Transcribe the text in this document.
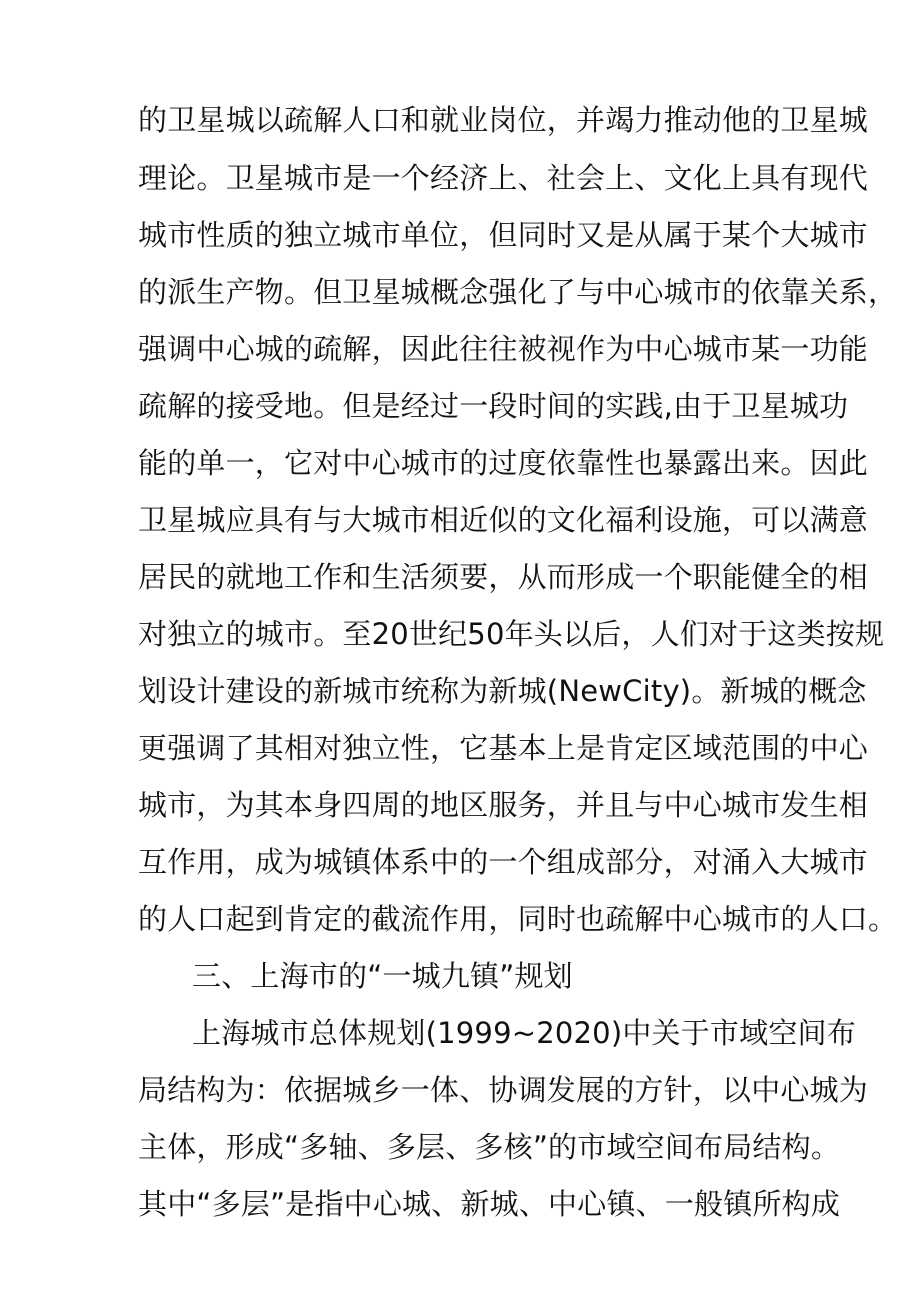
的卫星城以疏解人口和就业岗位，并竭力推动他的卫星城
理论。卫星城市是一个经济上、社会上、文化上具有现代
城市性质的独立城市单位，但同时又是从属于某个大城市
的派生产物。但卫星城概念强化了与中心城市的依靠关系，
强调中心城的疏解，因此往往被视作为中心城市某一功能
疏解的接受地。但是经过一段时间的实践,由于卫星城功
能的单一，它对中心城市的过度依靠性也暴露出来。因此
卫星城应具有与大城市相近似的文化福利设施，可以满意
居民的就地工作和生活须要，从而形成一个职能健全的相
对独立的城市。至20世纪50年头以后，人们对于这类按规
划设计建设的新城市统称为新城(NewCity)。新城的概念
更强调了其相对独立性，它基本上是肯定区域范围的中心
城市，为其本身四周的地区服务，并且与中心城市发生相
互作用，成为城镇体系中的一个组成部分，对涌入大城市
的人口起到肯定的截流作用，同时也疏解中心城市的人口。
三、上海市的“一城九镇”规划
上海城市总体规划(1999~2020)中关于市域空间布
局结构为：依据城乡一体、协调发展的方针，以中心城为
主体，形成“多轴、多层、多核”的市域空间布局结构。
其中“多层”是指中心城、新城、中心镇、一般镇所构成
